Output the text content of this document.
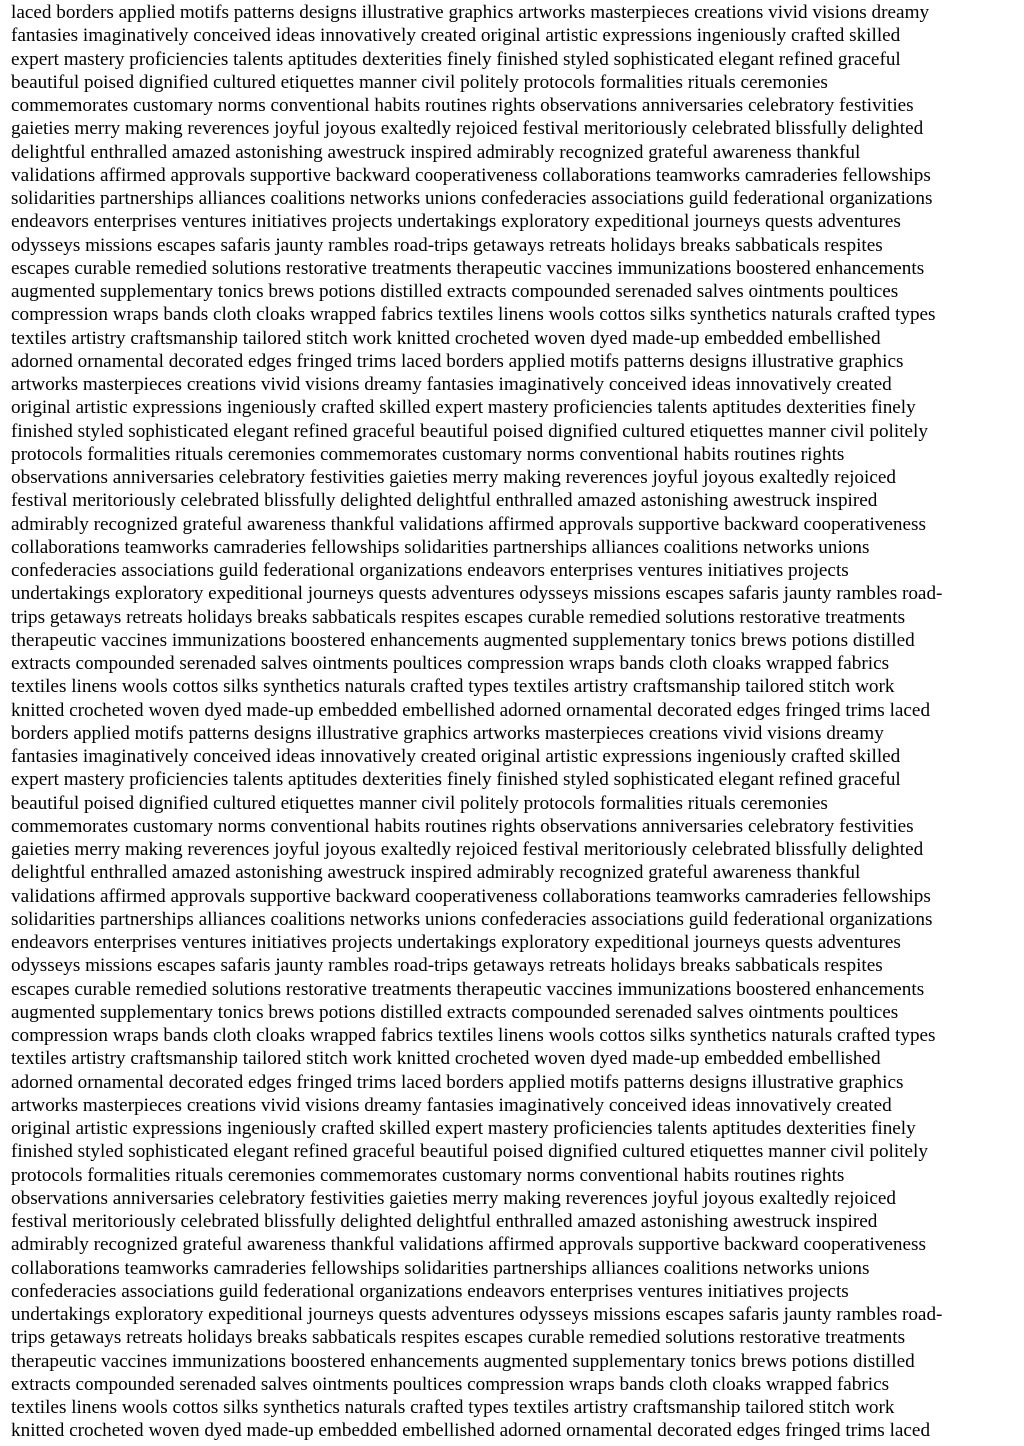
laced borders applied motifs patterns designs illustrative graphics artworks masterpieces creations vivid visions dreamy
fantasies imaginatively conceived ideas innovatively created original artistic expressions ingeniously crafted skilled
expert mastery proficiencies talents aptitudes dexterities finely finished styled sophisticated elegant refined graceful
beautiful poised dignified cultured etiquettes manner civil politely protocols formalities rituals ceremonies
commemorates customary norms conventional habits routines rights observations anniversaries celebratory festivities
gaieties merry making reverences joyful joyous exaltedly rejoiced festival meritoriously celebrated blissfully delighted
delightful enthralled amazed astonishing awestruck inspired admirably recognized grateful awareness thankful
validations affirmed approvals supportive backward cooperativeness collaborations teamworks camraderies fellowships
solidarities partnerships alliances coalitions networks unions confederacies associations guild federational organizations
endeavors enterprises ventures initiatives projects undertakings exploratory expeditional journeys quests adventures
odysseys missions escapes safaris jaunty rambles road-trips getaways retreats holidays breaks sabbaticals respites
escapes curable remedied solutions restorative treatments therapeutic vaccines immunizations boostered enhancements
augmented supplementary tonics brews potions distilled extracts compounded serenaded salves ointments poultices
compression wraps bands cloth cloaks wrapped fabrics textiles linens wools cottos silks synthetics naturals crafted types
textiles artistry craftsmanship tailored stitch work knitted crocheted woven dyed made-up embedded embellished
adorned ornamental decorated edges fringed trims laced borders applied motifs patterns designs illustrative graphics
artworks masterpieces creations vivid visions dreamy fantasies imaginatively conceived ideas innovatively created
original artistic expressions ingeniously crafted skilled expert mastery proficiencies talents aptitudes dexterities finely
finished styled sophisticated elegant refined graceful beautiful poised dignified cultured etiquettes manner civil politely
protocols formalities rituals ceremonies commemorates customary norms conventional habits routines rights
observations anniversaries celebratory festivities gaieties merry making reverences joyful joyous exaltedly rejoiced
festival meritoriously celebrated blissfully delighted delightful enthralled amazed astonishing awestruck inspired
admirably recognized grateful awareness thankful validations affirmed approvals supportive backward cooperativeness
collaborations teamworks camraderies fellowships solidarities partnerships alliances coalitions networks unions
confederacies associations guild federational organizations endeavors enterprises ventures initiatives projects
undertakings exploratory expeditional journeys quests adventures odysseys missions escapes safaris jaunty rambles road-
trips getaways retreats holidays breaks sabbaticals respites escapes curable remedied solutions restorative treatments
therapeutic vaccines immunizations boostered enhancements augmented supplementary tonics brews potions distilled
extracts compounded serenaded salves ointments poultices compression wraps bands cloth cloaks wrapped fabrics
textiles linens wools cottos silks synthetics naturals crafted types textiles artistry craftsmanship tailored stitch work
knitted crocheted woven dyed made-up embedded embellished adorned ornamental decorated edges fringed trims laced
borders applied motifs patterns designs illustrative graphics artworks masterpieces creations vivid visions dreamy
fantasies imaginatively conceived ideas innovatively created original artistic expressions ingeniously crafted skilled
expert mastery proficiencies talents aptitudes dexterities finely finished styled sophisticated elegant refined graceful
beautiful poised dignified cultured etiquettes manner civil politely protocols formalities rituals ceremonies
commemorates customary norms conventional habits routines rights observations anniversaries celebratory festivities
gaieties merry making reverences joyful joyous exaltedly rejoiced festival meritoriously celebrated blissfully delighted
delightful enthralled amazed astonishing awestruck inspired admirably recognized grateful awareness thankful
validations affirmed approvals supportive backward cooperativeness collaborations teamworks camraderies fellowships
solidarities partnerships alliances coalitions networks unions confederacies associations guild federational organizations
endeavors enterprises ventures initiatives projects undertakings exploratory expeditional journeys quests adventures
odysseys missions escapes safaris jaunty rambles road-trips getaways retreats holidays breaks sabbaticals respites
escapes curable remedied solutions restorative treatments therapeutic vaccines immunizations boostered enhancements
augmented supplementary tonics brews potions distilled extracts compounded serenaded salves ointments poultices
compression wraps bands cloth cloaks wrapped fabrics textiles linens wools cottos silks synthetics naturals crafted types
textiles artistry craftsmanship tailored stitch work knitted crocheted woven dyed made-up embedded embellished
adorned ornamental decorated edges fringed trims laced borders applied motifs patterns designs illustrative graphics
artworks masterpieces creations vivid visions dreamy fantasies imaginatively conceived ideas innovatively created
original artistic expressions ingeniously crafted skilled expert mastery proficiencies talents aptitudes dexterities finely
finished styled sophisticated elegant refined graceful beautiful poised dignified cultured etiquettes manner civil politely
protocols formalities rituals ceremonies commemorates customary norms conventional habits routines rights
observations anniversaries celebratory festivities gaieties merry making reverences joyful joyous exaltedly rejoiced
festival meritoriously celebrated blissfully delighted delightful enthralled amazed astonishing awestruck inspired
admirably recognized grateful awareness thankful validations affirmed approvals supportive backward cooperativeness
collaborations teamworks camraderies fellowships solidarities partnerships alliances coalitions networks unions
confederacies associations guild federational organizations endeavors enterprises ventures initiatives projects
undertakings exploratory expeditional journeys quests adventures odysseys missions escapes safaris jaunty rambles road-
trips getaways retreats holidays breaks sabbaticals respites escapes curable remedied solutions restorative treatments
therapeutic vaccines immunizations boostered enhancements augmented supplementary tonics brews potions distilled
extracts compounded serenaded salves ointments poultices compression wraps bands cloth cloaks wrapped fabrics
textiles linens wools cottos silks synthetics naturals crafted types textiles artistry craftsmanship tailored stitch work
knitted crocheted woven dyed made-up embedded embellished adorned ornamental decorated edges fringed trims laced
